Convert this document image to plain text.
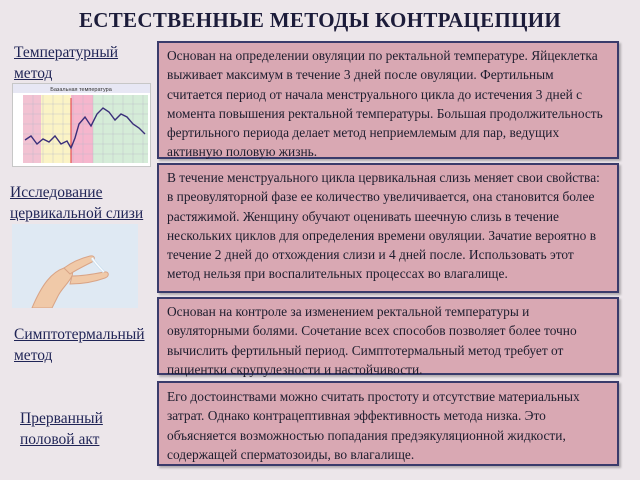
ЕСТЕСТВЕННЫЕ МЕТОДЫ КОНТРАЦЕПЦИИ
Температурный
метод
Базальная температура

Основан на определении овуляции по ректальной температуре. Яйцеклетка выживает максимум в течение 3 дней после овуляции. Фертильным считается период от начала менструального цикла до истечения 3 дней с момента повышения ректальной температуры. Большая продолжительность фертильного периода делает метод неприемлемым для пар, ведущих активную половую жизнь.

Исследование
цервикальной слизи

В течение менструального цикла цервикальная слизь меняет свои свойства: в преовуляторной фазе ее количество увеличивается, она становится более растяжимой. Женщину обучают оценивать шеечную слизь в течение нескольких циклов для определения времени овуляции. Зачатие вероятно в течение 2 дней до отхождения слизи и 4 дней после. Использовать этот метод нельзя при воспалительных процессах во влагалище.

Симптотермальный
метод

Основан на контроле за изменением ректальной температуры и овуляторными болями. Сочетание всех способов позволяет более точно вычислить фертильный период. Симптотермальный метод требует от пациентки скрупулезности и настойчивости.

Прерванный
половой акт

Его достоинствами можно считать простоту и отсутствие материальных затрат. Однако контрацептивная эффективность метода низка. Это объясняется возможностью попадания предэякуляционной жидкости, содержащей сперматозоиды, во влагалище.
